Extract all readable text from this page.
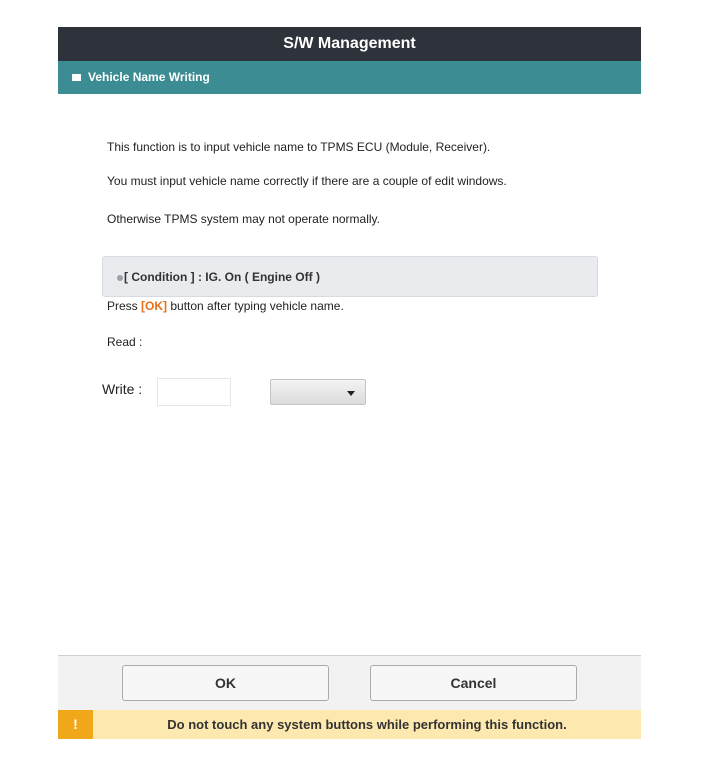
S/W Management
Vehicle Name Writing
This function is to input vehicle name to TPMS ECU (Module, Receiver).
You must input vehicle name correctly if there are a couple of edit windows.
Otherwise TPMS system may not operate normally.
[ Condition ] : IG. On ( Engine Off )
Press [OK] button after typing vehicle name.
Read :
Write :
OK	Cancel
!	Do not touch any system buttons while performing this function.
